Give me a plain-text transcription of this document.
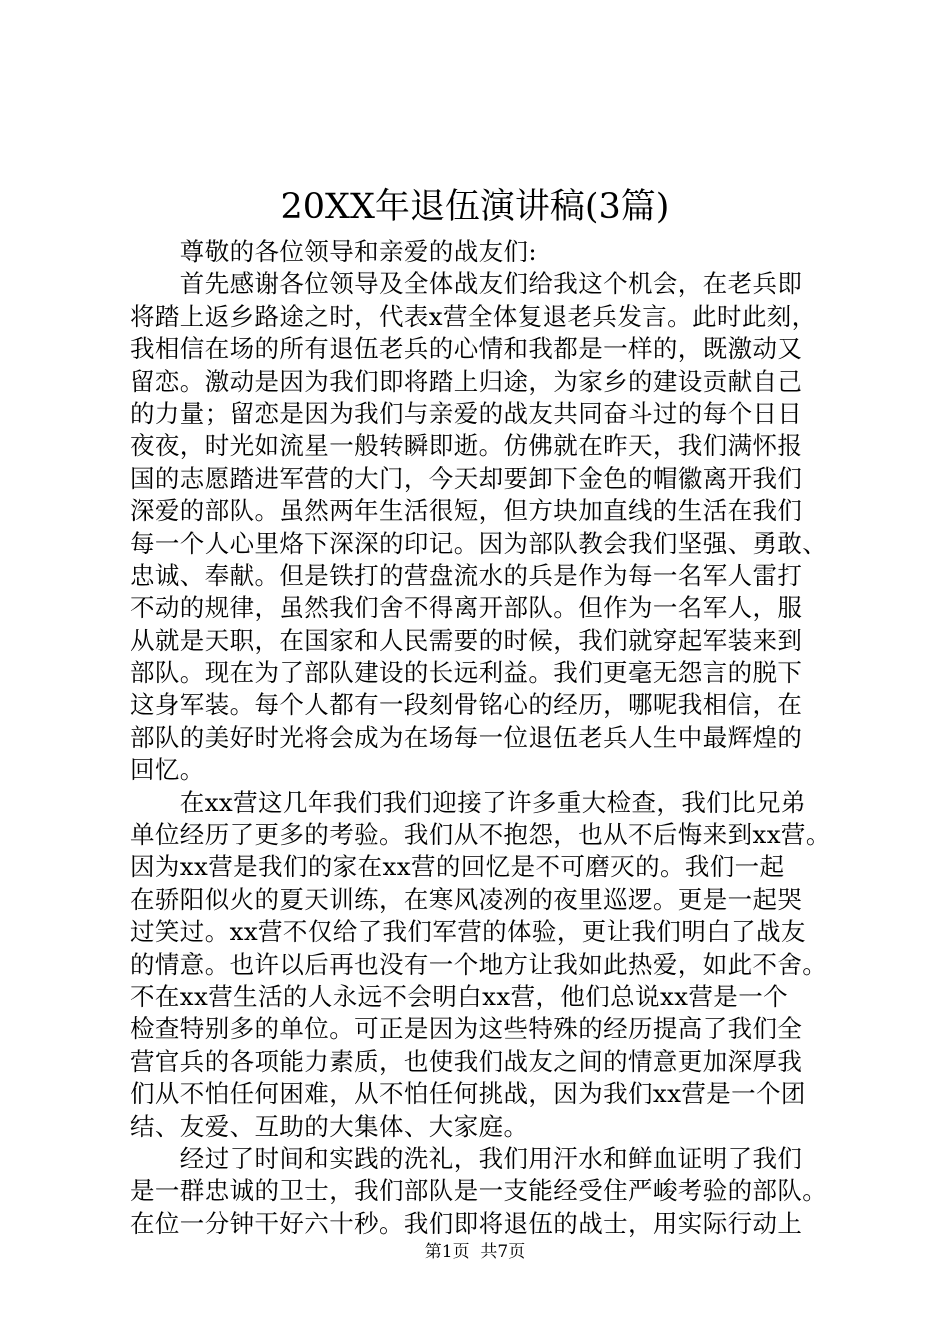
20XX年退伍演讲稿(3篇)
　　尊敬的各位领导和亲爱的战友们:
　　首先感谢各位领导及全体战友们给我这个机会，在老兵即
将踏上返乡路途之时，代表x营全体复退老兵发言。此时此刻，
我相信在场的所有退伍老兵的心情和我都是一样的，既激动又
留恋。激动是因为我们即将踏上归途，为家乡的建设贡献自己
的力量；留恋是因为我们与亲爱的战友共同奋斗过的每个日日
夜夜，时光如流星一般转瞬即逝。仿佛就在昨天，我们满怀报
国的志愿踏进军营的大门，今天却要卸下金色的帽徽离开我们
深爱的部队。虽然两年生活很短，但方块加直线的生活在我们
每一个人心里烙下深深的印记。因为部队教会我们坚强、勇敢、
忠诚、奉献。但是铁打的营盘流水的兵是作为每一名军人雷打
不动的规律，虽然我们舍不得离开部队。但作为一名军人，服
从就是天职，在国家和人民需要的时候，我们就穿起军装来到
部队。现在为了部队建设的长远利益。我们更毫无怨言的脱下
这身军装。每个人都有一段刻骨铭心的经历，哪呢我相信，在
部队的美好时光将会成为在场每一位退伍老兵人生中最辉煌的
回忆。
　　在xx营这几年我们我们迎接了许多重大检查，我们比兄弟
单位经历了更多的考验。我们从不抱怨，也从不后悔来到xx营。
因为xx营是我们的家在xx营的回忆是不可磨灭的。我们一起
在骄阳似火的夏天训练，在寒风凌冽的夜里巡逻。更是一起哭
过笑过。xx营不仅给了我们军营的体验，更让我们明白了战友
的情意。也许以后再也没有一个地方让我如此热爱，如此不舍。
不在xx营生活的人永远不会明白xx营，他们总说xx营是一个
检查特别多的单位。可正是因为这些特殊的经历提高了我们全
营官兵的各项能力素质，也使我们战友之间的情意更加深厚我
们从不怕任何困难，从不怕任何挑战，因为我们xx营是一个团
结、友爱、互助的大集体、大家庭。
　　经过了时间和实践的洗礼，我们用汗水和鲜血证明了我们
是一群忠诚的卫士，我们部队是一支能经受住严峻考验的部队。
在位一分钟干好六十秒。我们即将退伍的战士，用实际行动上
第1页 共7页
